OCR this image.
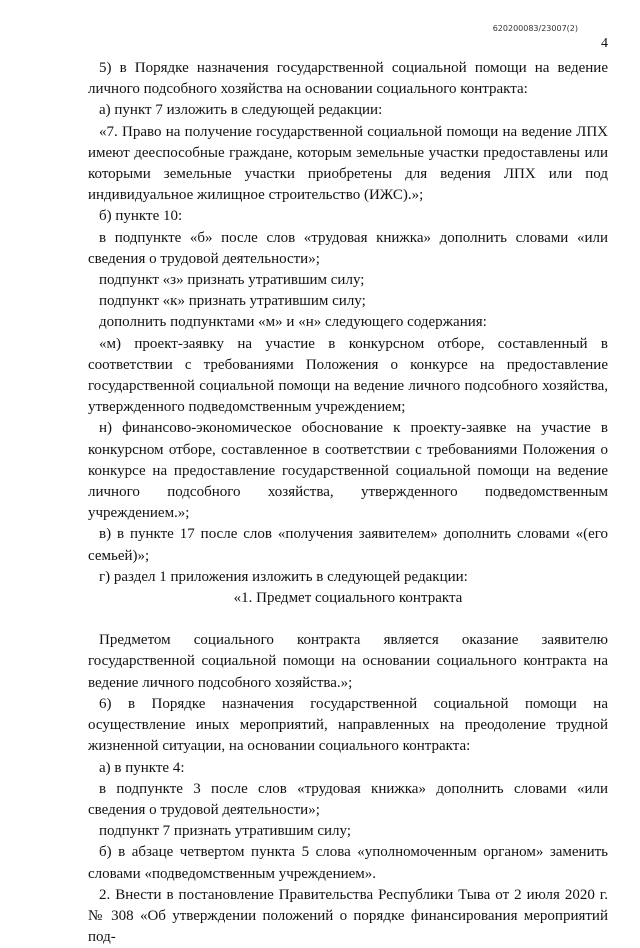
620200083/23007(2)
4

5) в Порядке назначения государственной социальной помощи на ведение личного подсобного хозяйства на основании социального контракта:

а) пункт 7 изложить в следующей редакции:

«7. Право на получение государственной социальной помощи на ведение ЛПХ имеют дееспособные граждане, которым земельные участки предоставлены или которыми земельные участки приобретены для ведения ЛПХ или под индивидуальное жилищное строительство (ИЖС).»;

б) пункте 10:

в подпункте «б» после слов «трудовая книжка» дополнить словами «или сведения о трудовой деятельности»;

подпункт «з» признать утратившим силу;

подпункт «к» признать утратившим силу;

дополнить подпунктами «м» и «н» следующего содержания:

«м) проект-заявку на участие в конкурсном отборе, составленный в соответствии с требованиями Положения о конкурсе на предоставление государственной социальной помощи на ведение личного подсобного хозяйства, утвержденного подведомственным учреждением;

н) финансово-экономическое обоснование к проекту-заявке на участие в конкурсном отборе, составленное в соответствии с требованиями Положения о конкурсе на предоставление государственной социальной помощи на ведение личного подсобного хозяйства, утвержденного подведомственным учреждением.»;

в) в пункте 17 после слов «получения заявителем» дополнить словами «(его семьей)»;

г) раздел 1 приложения изложить в следующей редакции:

«1. Предмет социального контракта

Предметом социального контракта является оказание заявителю государственной социальной помощи на основании социального контракта на ведение личного подсобного хозяйства.»;

6) в Порядке назначения государственной социальной помощи на осуществление иных мероприятий, направленных на преодоление трудной жизненной ситуации, на основании социального контракта:

а) в пункте 4:

в подпункте 3 после слов «трудовая книжка» дополнить словами «или сведения о трудовой деятельности»;

подпункт 7 признать утратившим силу;

б) в абзаце четвертом пункта 5 слова «уполномоченным органом» заменить словами «подведомственным учреждением».

2. Внести в постановление Правительства Республики Тыва от 2 июля 2020 г. № 308 «Об утверждении положений о порядке финансирования мероприятий под-
